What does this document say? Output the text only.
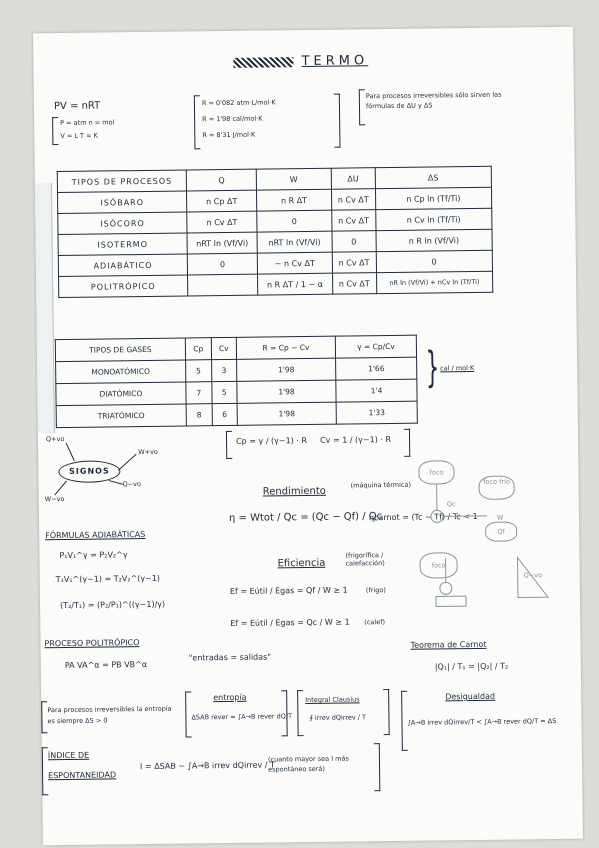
TERMO
PV = nRT
P = atm n = mol
V = L T = K
R = 0'082 atm·L/mol·K
R = 1'98 cal/mol·K
R = 8'31 J/mol·K
Para procesos irreversibles sólo sirven las fórmulas de ΔU y ΔS
TIPOS DE PROCESOS	Q	W	ΔU	ΔS
ISÓBARO	n Cp ΔT	n R ΔT	n Cv ΔT	n Cp ln (Tf/Ti)
ISÓCORO	n Cv ΔT	0	n Cv ΔT	n Cv ln (Tf/Ti)
ISOTERMO	nRT ln (Vf/Vi)	nRT ln (Vf/Vi)	0	n R ln (Vf/Vi)
ADIABÁTICO	0	− n Cv ΔT	n Cv ΔT	0
POLITRÓPICO		n R ΔT / 1 − α	n Cv ΔT	nR ln (Vf/Vi) + nCv ln (Tf/Ti)
TIPOS DE GASES	Cp	Cv	R = Cp − Cv	γ = Cp/Cv
MONOATÓMICO	5	3	1'98	1'66
DIATÓMICO	7	5	1'98	1'4
TRIATÓMICO	8	6	1'98	1'33
} cal / mol·K
Cp = γ / (γ−1) · R Cv = 1 / (γ−1) · R
Q+vo
W+vo
SIGNOS
W−vo
Q−vo
Rendimiento
(máquina térmica)
η = Wtot / Qc = (Qc − Qf) / Qc
ηcarnot = (Tc − Tf) / Tc < 1
FÓRMULAS ADIABÁTICAS
P₁V₁^γ = P₂V₂^γ
T₁V₁^(γ−1) = T₂V₂^(γ−1)
(T₂/T₁) = (P₂/P₁)^((γ−1)/γ)
Eficiencia
(frigorífica / calefacción)
Ef = Eútil / Egas = Qf / W ≥ 1	(frigo)
Ef = Eútil / Egas = Qc / W ≥ 1 (calef)
foco
foco frío
Qc
W
Qf
foco
Q−vo
PROCESO POLITRÓPICO
PA VA^α = PB VB^α
"entradas = salidas"
Teorema de Carnot
|Q₁| / T₁ = |Q₂| / T₂
Para procesos irreversibles la entropía es siempre ΔS > 0
entropía
ΔSAB rever = ∫A→B rever dQ/T
Integral Clausius
∮ irrev dQirrev / T
Desigualdad
∫A→B irrev dQirrev/T < ∫A→B rever dQ/T = ΔS
ÍNDICE DE
ESPONTANEIDAD
I = ΔSAB − ∫A→B irrev dQirrev / T
(cuanto mayor sea I más espontáneo será)
